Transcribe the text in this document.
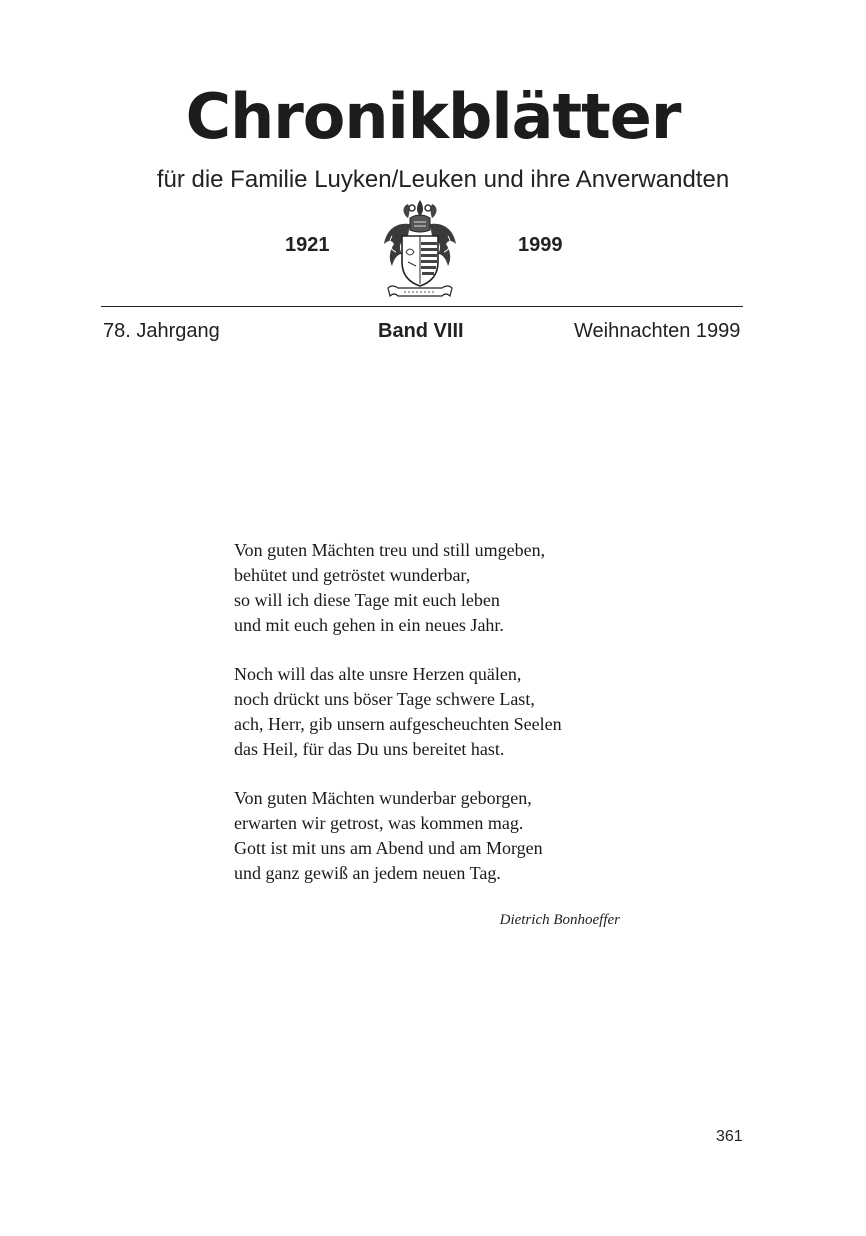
Chronikblätter
für die Familie Luyken/Leuken und ihre Anverwandten
1921	1999
78. Jahrgang	Band VIII	Weihnachten 1999
Von guten Mächten treu und still umgeben,
behütet und getröstet wunderbar,
so will ich diese Tage mit euch leben
und mit euch gehen in ein neues Jahr.
Noch will das alte unsre Herzen quälen,
noch drückt uns böser Tage schwere Last,
ach, Herr, gib unsern aufgescheuchten Seelen
das Heil, für das Du uns bereitet hast.
Von guten Mächten wunderbar geborgen,
erwarten wir getrost, was kommen mag.
Gott ist mit uns am Abend und am Morgen
und ganz gewiß an jedem neuen Tag.
Dietrich Bonhoeffer
361
